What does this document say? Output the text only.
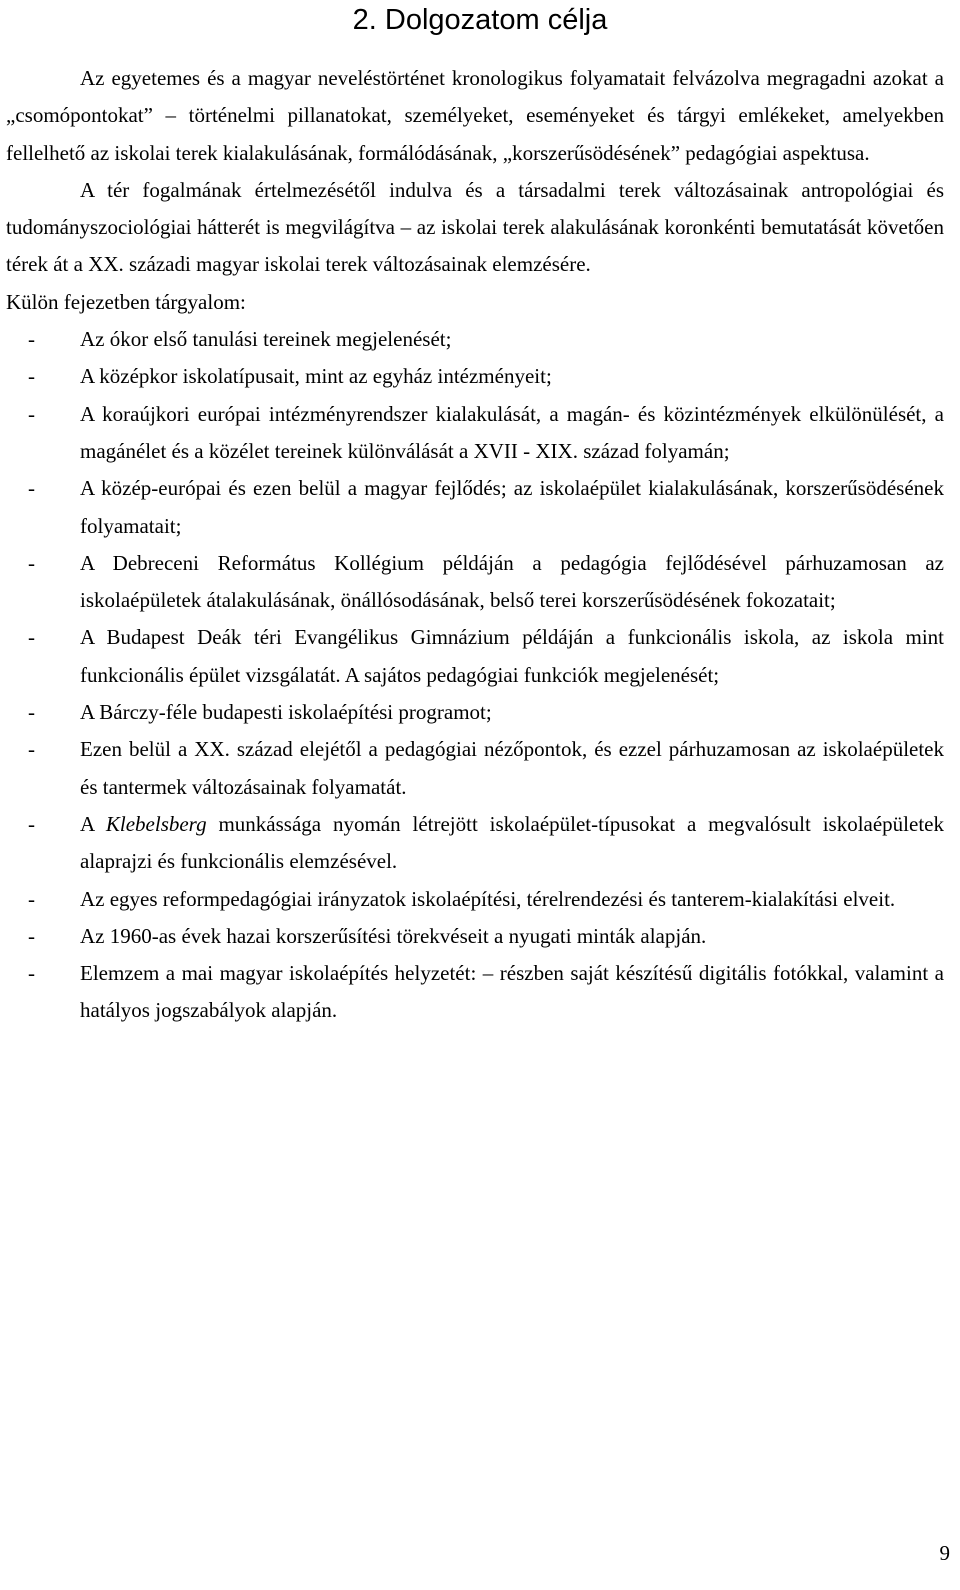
2. Dolgozatom célja

Az egyetemes és a magyar neveléstörténet kronologikus folyamatait felvázolva megragadni azokat a „csomópontokat” – történelmi pillanatokat, személyeket, eseményeket és tárgyi emlékeket, amelyekben fellelhető az iskolai terek kialakulásának, formálódásának, „korszerűsödésének” pedagógiai aspektusa.

A tér fogalmának értelmezésétől indulva és a társadalmi terek változásainak antropológiai és tudományszociológiai hátterét is megvilágítva – az iskolai terek alakulásának koronkénti bemutatását követően térek át a XX. századi magyar iskolai terek változásainak elemzésére.

Külön fejezetben tárgyalom:

- Az ókor első tanulási tereinek megjelenését;
- A középkor iskolatípusait, mint az egyház intézményeit;
- A koraújkori európai intézményrendszer kialakulását, a magán- és közintézmények elkülönülését, a magánélet és a közélet tereinek különválását a XVII - XIX. század folyamán;
- A közép-európai és ezen belül a magyar fejlődés; az iskolaépület kialakulásának, korszerűsödésének folyamatait;
- A Debreceni Református Kollégium példáján a pedagógia fejlődésével párhuzamosan az iskolaépületek átalakulásának, önállósodásának, belső terei korszerűsödésének fokozatait;
- A Budapest Deák téri Evangélikus Gimnázium példáján a funkcionális iskola, az iskola mint funkcionális épület vizsgálatát. A sajátos pedagógiai funkciók megjelenését;
- A Bárczy-féle budapesti iskolaépítési programot;
- Ezen belül a XX. század elejétől a pedagógiai nézőpontok, és ezzel párhuzamosan az iskolaépületek és tantermek változásainak folyamatát.
- A Klebelsberg munkássága nyomán létrejött iskolaépület-típusokat a megvalósult iskolaépületek alaprajzi és funkcionális elemzésével.
- Az egyes reformpedagógiai irányzatok iskolaépítési, térelrendezési és tanterem-kialakítási elveit.
- Az 1960-as évek hazai korszerűsítési törekvéseit a nyugati minták alapján.
- Elemzem a mai magyar iskolaépítés helyzetét: – részben saját készítésű digitális fotókkal, valamint a hatályos jogszabályok alapján.
9
